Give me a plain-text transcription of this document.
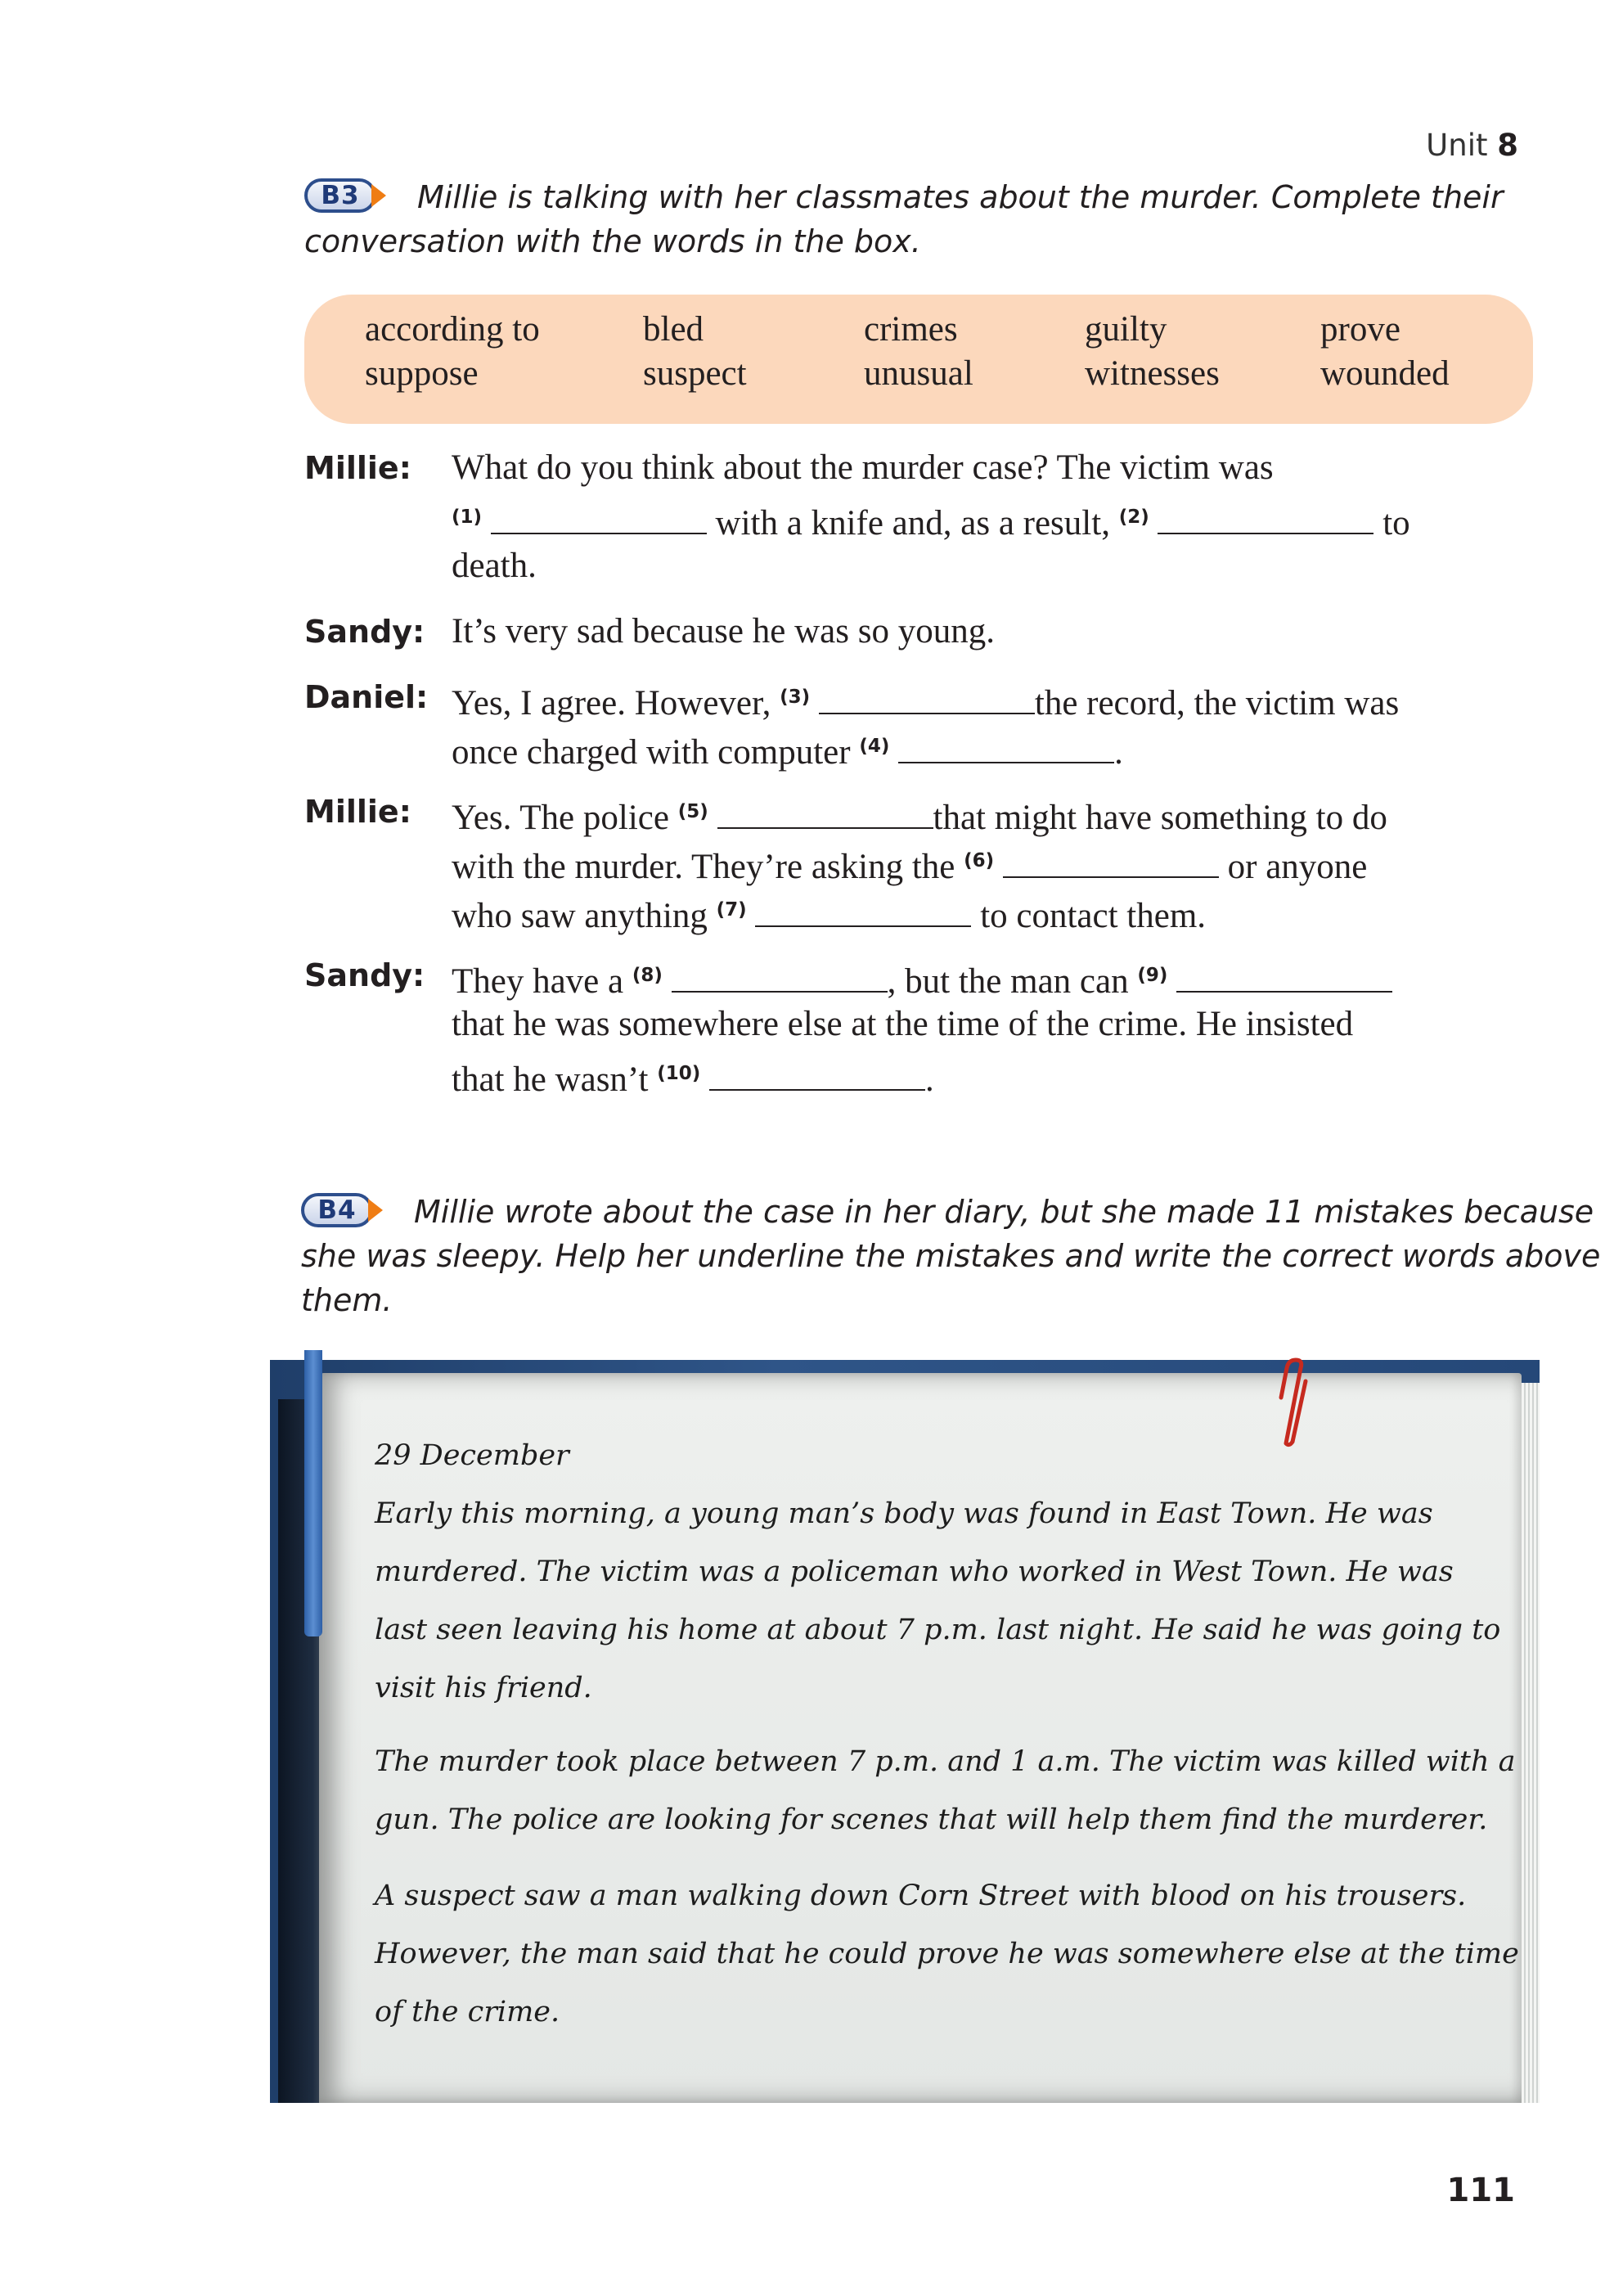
Unit 8
B3	Millie is talking with her classmates about the murder. Complete their
conversation with the words in the box.
according to	bled	crimes	guilty	prove
suppose	suspect	unusual	witnesses	wounded
Millie: What do you think about the murder case? The victim was
$^{(1)}$	with a knife and, as a result, $^{(2)}$	to
death.
Sandy: It’s very sad because he was so young.
Daniel: Yes, I agree. However, $^{(3)}$	the record, the victim was
once charged with computer $^{(4)}$	.
Millie: Yes. The police $^{(5)}$	that might have something to do
with the murder. They’re asking the $^{(6)}$	or anyone
who saw anything $^{(7)}$	to contact them.
Sandy: They have a $^{(8)}$	, but the man can $^{(9)}$
that he was somewhere else at the time of the crime. He insisted
that he wasn’t $^{(10)}$	.
B4	Millie wrote about the case in her diary, but she made 11 mistakes because
she was sleepy. Help her underline the mistakes and write the correct words above
them.
29 December
Early this morning, a young man’s body was found in East Town. He was
murdered. The victim was a policeman who worked in West Town. He was
last seen leaving his home at about 7 p.m. last night. He said he was going to
visit his friend.
The murder took place between 7 p.m. and 1 a.m. The victim was killed with a
gun. The police are looking for scenes that will help them find the murderer.
A suspect saw a man walking down Corn Street with blood on his trousers.
However, the man said that he could prove he was somewhere else at the time
of the crime.
111
